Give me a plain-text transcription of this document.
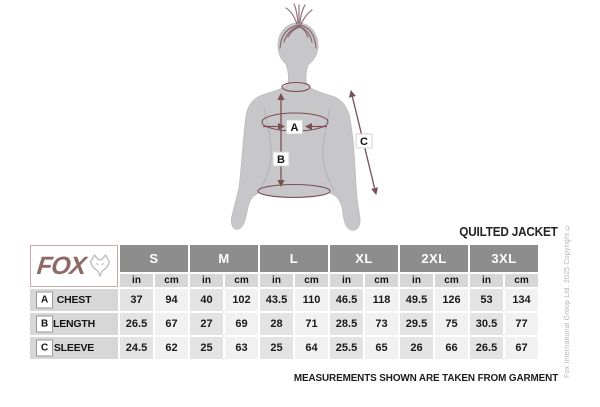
A
B
C
QUILTED JACKET
MEASUREMENTS SHOWN ARE TAKEN FROM GARMENT Fox International Group Ltd. 2025 Copyright ©
FOX	S		M		L		XL		2XL		3XL	
	in	cm	in	cm	in	cm	in	cm	in	cm	in	cm

A CHEST	37	94	40	102	43.5	110	46.5	118	49.5	126	53	134

B LENGTH	26.5	67	27	69	28	71	28.5	73	29.5	75	30.5	77

C SLEEVE	24.5	62	25	63	25	64	25.5	65	26	66	26.5	67
